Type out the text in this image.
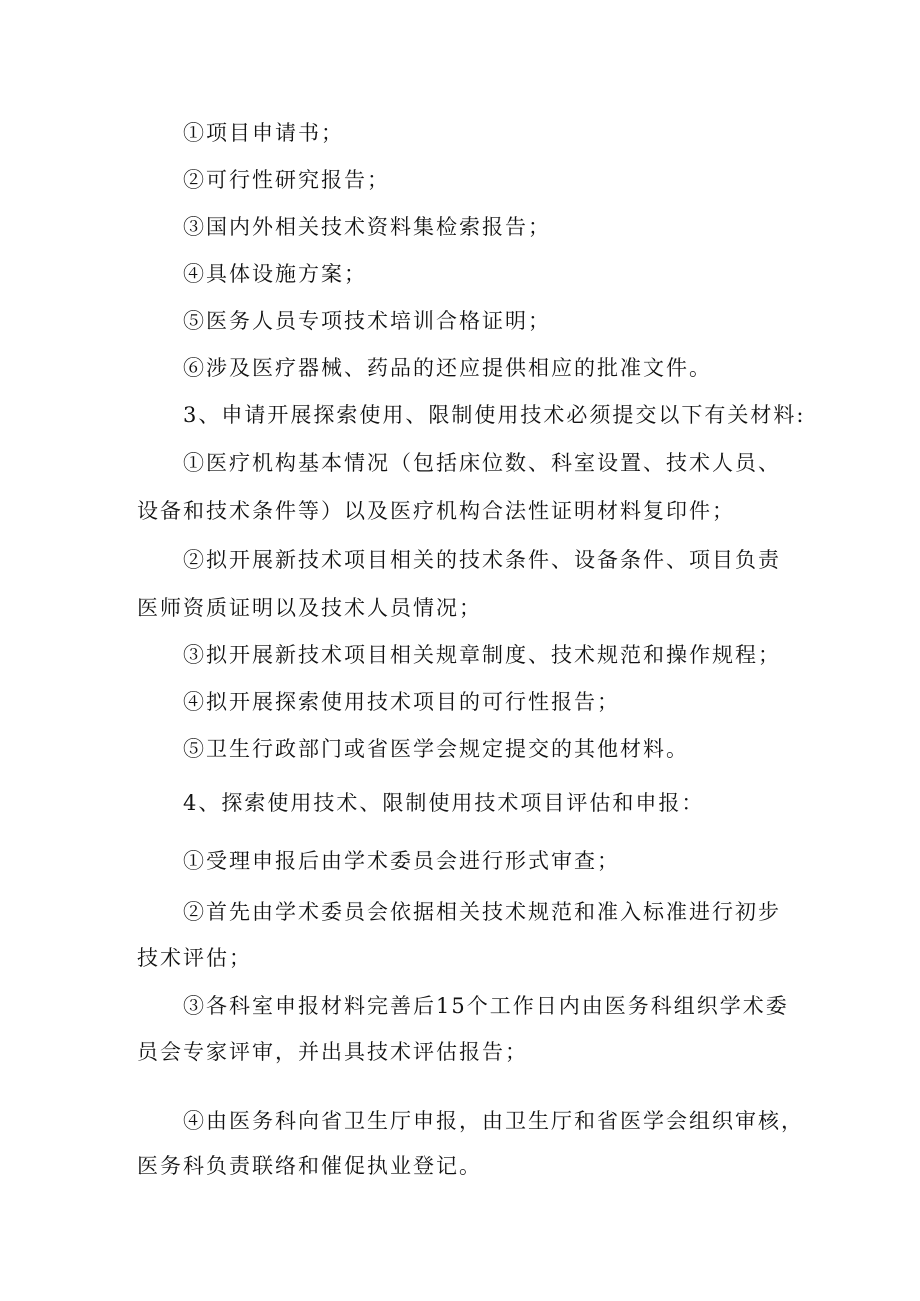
①项目申请书；
②可行性研究报告；
③国内外相关技术资料集检索报告；
④具体设施方案；
⑤医务人员专项技术培训合格证明；
⑥涉及医疗器械、药品的还应提供相应的批准文件。
3、申请开展探索使用、限制使用技术必须提交以下有关材料:
①医疗机构基本情况（包括床位数、科室设置、技术人员、
设备和技术条件等）以及医疗机构合法性证明材料复印件；
②拟开展新技术项目相关的技术条件、设备条件、项目负责
医师资质证明以及技术人员情况；
③拟开展新技术项目相关规章制度、技术规范和操作规程；
④拟开展探索使用技术项目的可行性报告；
⑤卫生行政部门或省医学会规定提交的其他材料。
4、探索使用技术、限制使用技术项目评估和申报：
①受理申报后由学术委员会进行形式审查；
②首先由学术委员会依据相关技术规范和准入标准进行初步
技术评估；
③各科室申报材料完善后15个工作日内由医务科组织学术委
员会专家评审，并出具技术评估报告；
④由医务科向省卫生厅申报，由卫生厅和省医学会组织审核，
医务科负责联络和催促执业登记。
